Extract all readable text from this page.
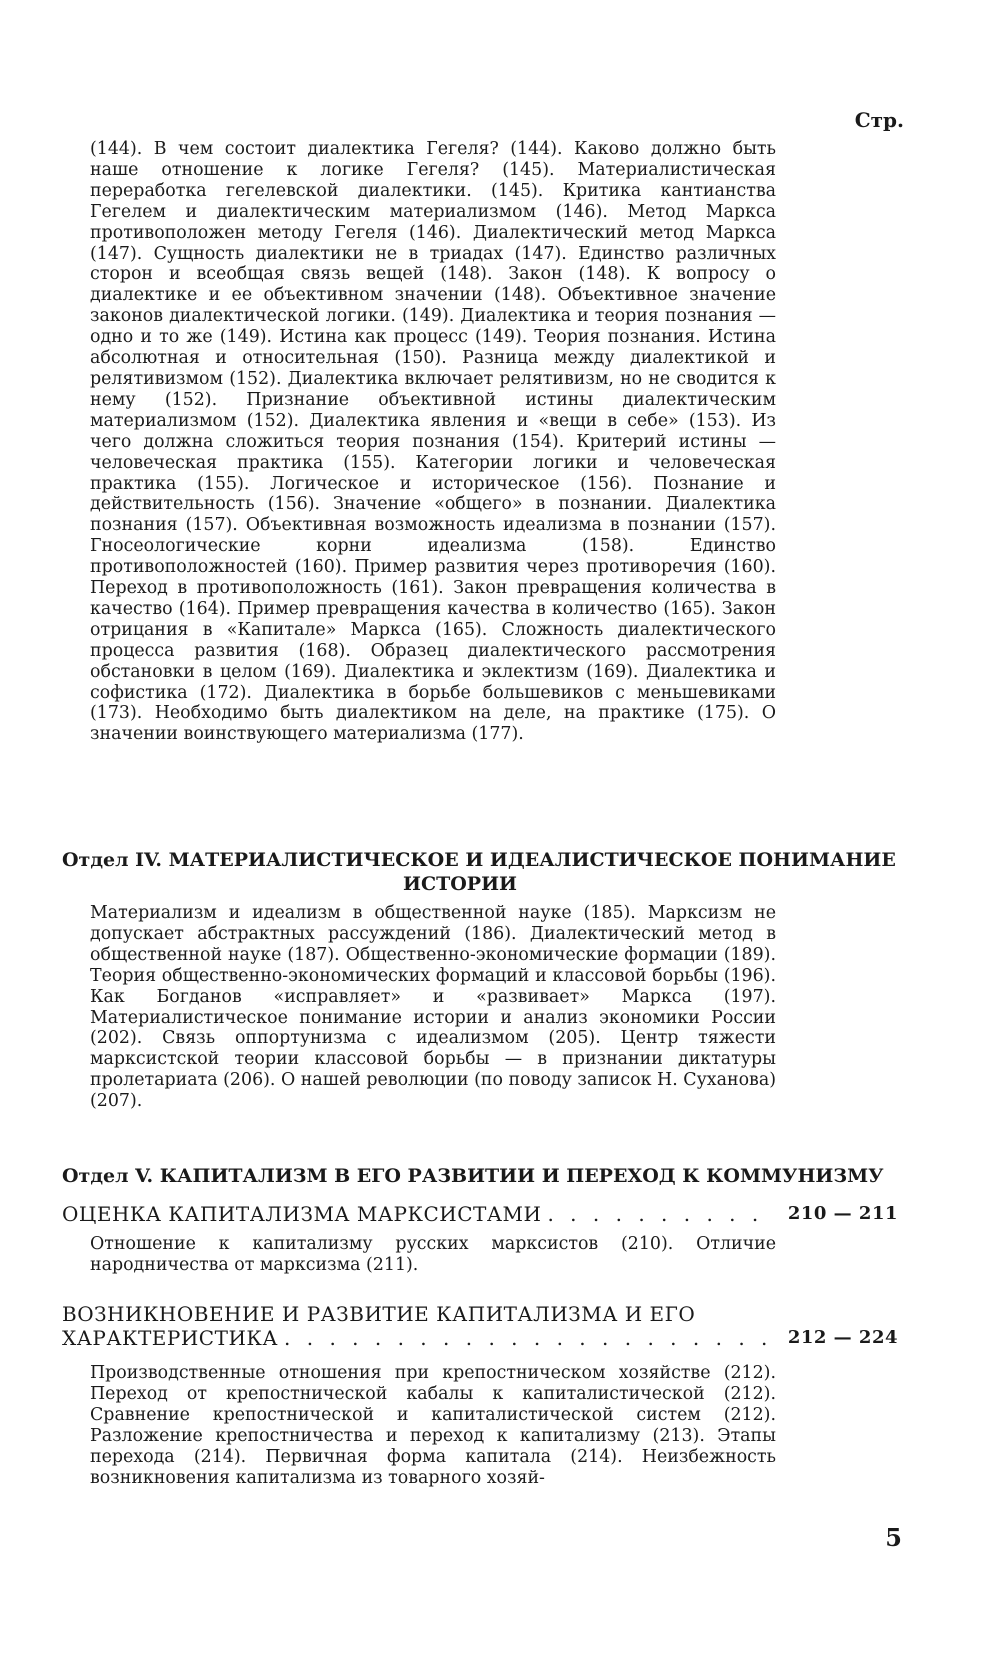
Стр.

(144). В чем состоит диалектика Гегеля? (144). Каково должно быть наше отношение к логике Гегеля? (145). Материалистическая переработка гегелевской диалектики. (145). Критика кантианства Гегелем и диалектическим материализмом (146). Метод Маркса противоположен методу Гегеля (146). Диалектический метод Маркса (147). Сущность диалектики не в триадах (147). Единство различных сторон и всеобщая связь вещей (148). Закон (148). К вопросу о диалектике и ее объективном значении (148). Объективное значение законов диалектической логики. (149). Диалектика и теория познания — одно и то же (149). Истина как процесс (149). Теория познания. Истина абсолютная и относительная (150). Разница между диалектикой и релятивизмом (152). Диалектика включает релятивизм, но не сводится к нему (152). Признание объективной истины диалектическим материализмом (152). Диалектика явления и «вещи в себе» (153). Из чего должна сложиться теория познания (154). Критерий истины — человеческая практика (155). Категории логики и человеческая практика (155). Логическое и историческое (156). Познание и действительность (156). Значение «общего» в познании. Диалектика познания (157). Объективная возможность идеализма в познании (157). Гносеологические корни идеализма (158). Единство противоположностей (160). Пример развития через противоречия (160). Переход в противоположность (161). Закон превращения количества в качество (164). Пример превращения качества в количество (165). Закон отрицания в «Капитале» Маркса (165). Сложность диалектического процесса развития (168). Образец диалектического рассмотрения обстановки в целом (169). Диалектика и эклектизм (169). Диалектика и софистика (172). Диалектика в борьбе большевиков с меньшевиками (173). Необходимо быть диалектиком на деле, на практике (175). О значении воинствующего материализма (177).

Отдел IV. МАТЕРИАЛИСТИЧЕСКОЕ И ИДЕАЛИСТИЧЕСКОЕ ПОНИМАНИЕ
ИСТОРИИ

Материализм и идеализм в общественной науке (185). Марксизм не допускает абстрактных рассуждений (186). Диалектический метод в общественной науке (187). Общественно-экономические формации (189). Теория общественно-экономических формаций и классовой борьбы (196). Как Богданов «исправляет» и «развивает» Маркса (197). Материалистическое понимание истории и анализ экономики России (202). Связь оппортунизма с идеализмом (205). Центр тяжести марксистской теории классовой борьбы — в признании диктатуры пролетариата (206). О нашей революции (по поводу записок Н. Суханова) (207).

Отдел V. КАПИТАЛИЗМ В ЕГО РАЗВИТИИ И ПЕРЕХОД К КОММУНИЗМУ
ОЦЕНКА КАПИТАЛИЗМА МАРКСИСТАМИ . . .	210 — 211

Отношение к капитализму русских марксистов (210). Отличие народничества от марксизма (211).

ВОЗНИКНОВЕНИЕ И РАЗВИТИЕ КАПИТАЛИЗМА И ЕГО
ХАРАКТЕРИСТИКА . . .	212 — 224

Производственные отношения при крепостническом хозяйстве (212). Переход от крепостнической кабалы к капиталистической (212). Сравнение крепостнической и капиталистической систем (212). Разложение крепостничества и переход к капитализму (213). Этапы перехода (214). Первичная форма капитала (214). Неизбежность возникновения капитализма из товарного хозяй-

5
